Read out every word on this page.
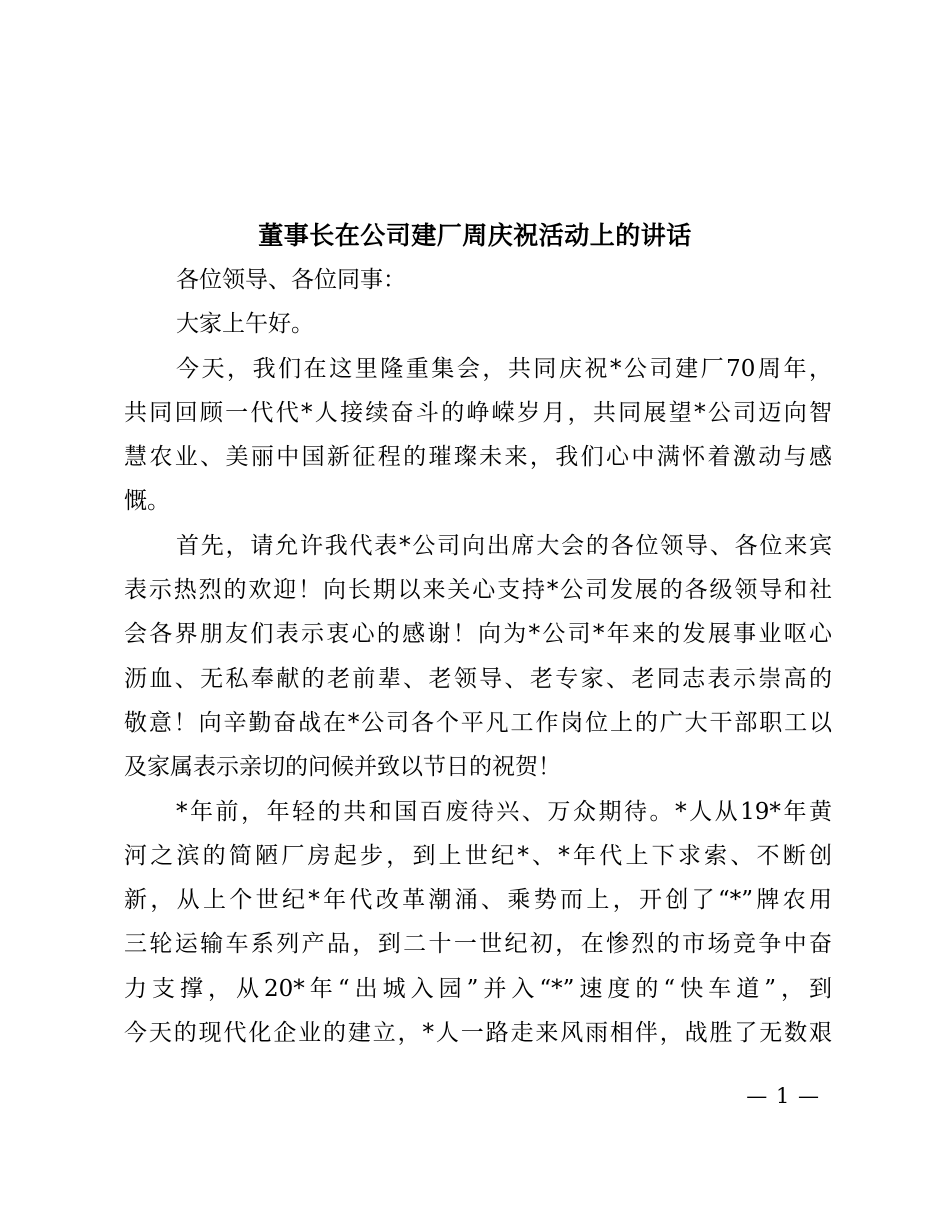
董事长在公司建厂周庆祝活动上的讲话
各位领导、各位同事：
大家上午好。
今天，我们在这里隆重集会，共同庆祝*公司建厂70周年，
共同回顾一代代*人接续奋斗的峥嵘岁月，共同展望*公司迈向智
慧农业、美丽中国新征程的璀璨未来，我们心中满怀着激动与感
慨。
首先，请允许我代表*公司向出席大会的各位领导、各位来宾
表示热烈的欢迎！向长期以来关心支持*公司发展的各级领导和社
会各界朋友们表示衷心的感谢！向为*公司*年来的发展事业呕心
沥血、无私奉献的老前辈、老领导、老专家、老同志表示崇高的
敬意！向辛勤奋战在*公司各个平凡工作岗位上的广大干部职工以
及家属表示亲切的问候并致以节日的祝贺！
*年前，年轻的共和国百废待兴、万众期待。*人从19*年黄
河之滨的简陋厂房起步，到上世纪*、*年代上下求索、不断创
新，从上个世纪*年代改革潮涌、乘势而上，开创了“*”牌农用
三轮运输车系列产品，到二十一世纪初，在惨烈的市场竞争中奋
力支撑，从20*年“出城入园”并入“*”速度的“快车道”，到
今天的现代化企业的建立，*人一路走来风雨相伴，战胜了无数艰
— 1 —
